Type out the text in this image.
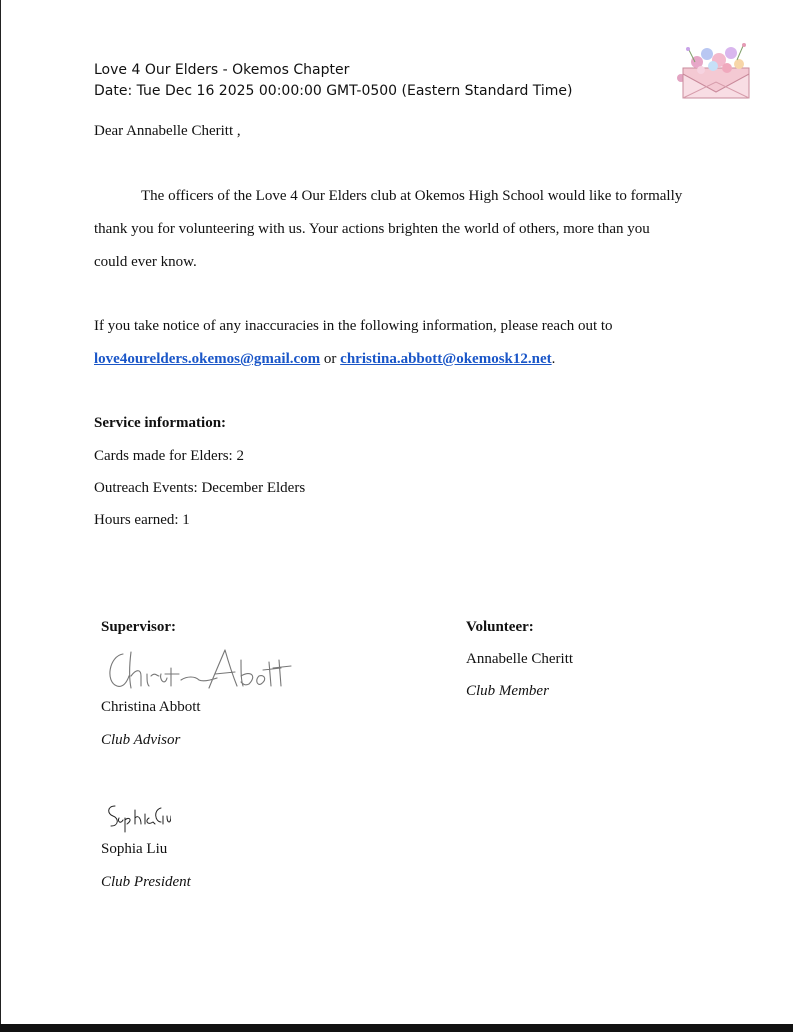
Love 4 Our Elders - Okemos Chapter
Date: Tue Dec 16 2025 00:00:00 GMT-0500 (Eastern Standard Time)
Dear Annabelle Cheritt ,
The officers of the Love 4 Our Elders club at Okemos High School would like to formally
thank you for volunteering with us. Your actions brighten the world of others, more than you
could ever know.
If you take notice of any inaccuracies in the following information, please reach out to
love4ourelders.okemos@gmail.com or christina.abbott@okemosk12.net.
Service information:
Cards made for Elders: 2
Outreach Events: December Elders
Hours earned: 1
Supervisor:
Christina Abbott
Club Advisor
Volunteer:
Annabelle Cheritt
Club Member
Sophia Liu
Club President
